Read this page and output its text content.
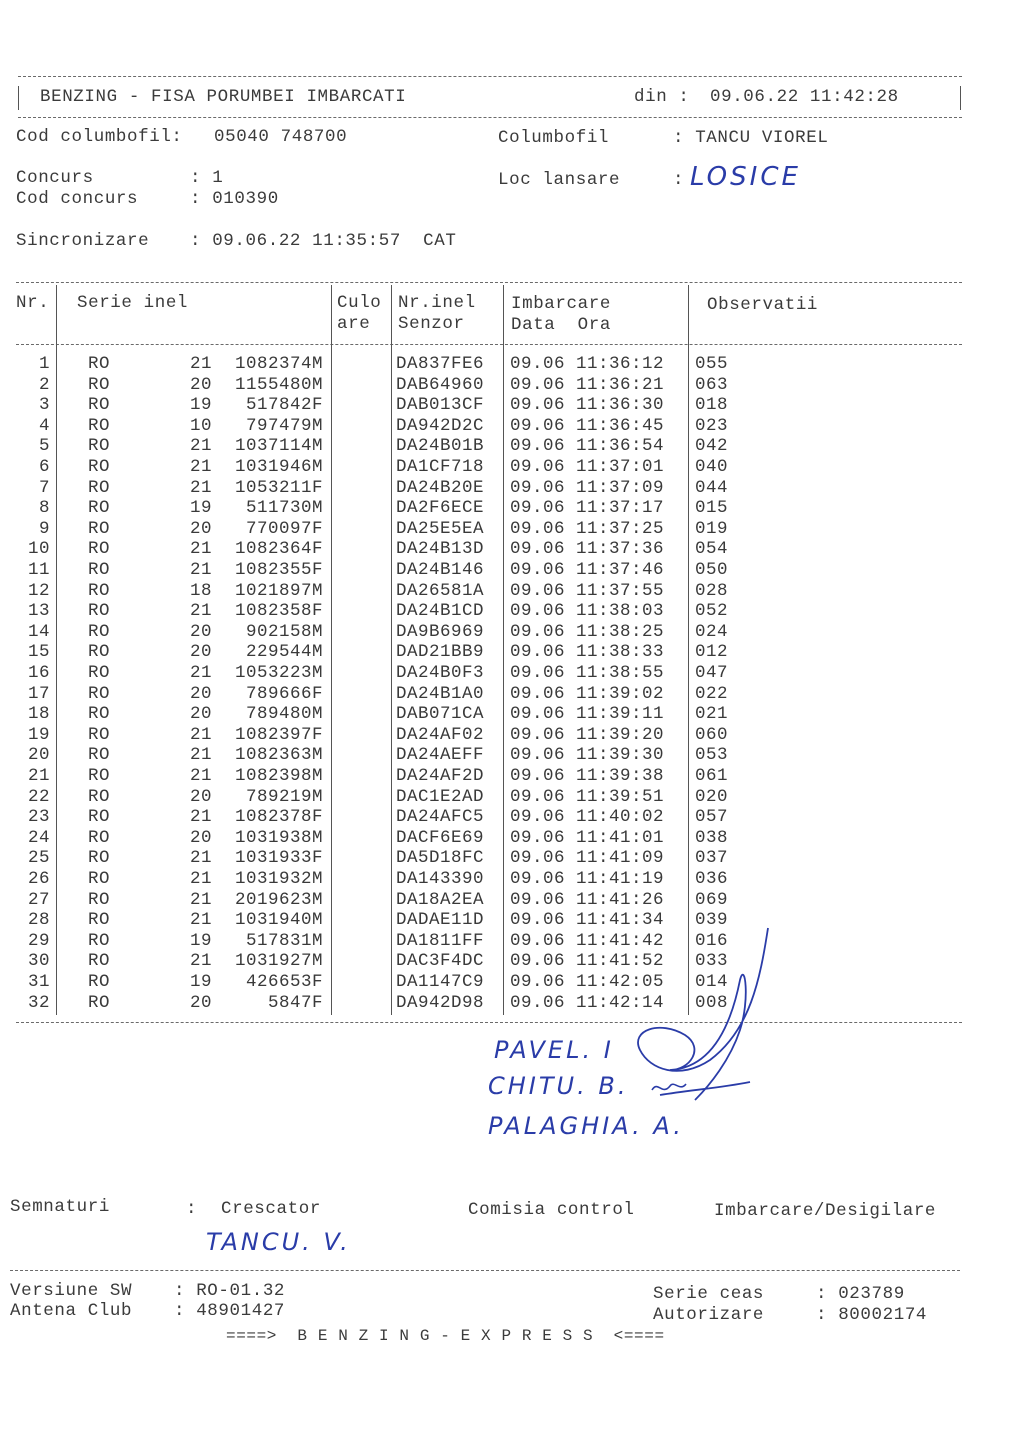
BENZING - FISA PORUMBEI IMBARCATI	din : 09.06.22 11:42:28
Cod columbofil: 05040 748700	Columbofil	: TANCU VIOREL
Concurs	: 1
Cod concurs	: 010390
Loc lansare	: LOSICE
Sincronizare : 09.06.22 11:35:57  CAT
Nr. Serie inel	Culo
are
Nr.inel
Senzor
Imbarcare
Data  Ora
Observatii
1 RO	21	1082374M	DA837FE6 09.06 11:36:12 055
2 RO	20	1155480M	DAB64960 09.06 11:36:21 063
3 RO	19	517842F	DAB013CF 09.06 11:36:30 018
4 RO	10	797479M	DA942D2C 09.06 11:36:45 023
5 RO	21	1037114M	DA24B01B 09.06 11:36:54 042
6 RO	21	1031946M	DA1CF718 09.06 11:37:01 040
7 RO	21	1053211F	DA24B20E 09.06 11:37:09 044
8 RO	19	511730M	DA2F6ECE 09.06 11:37:17 015
9 RO	20	770097F	DA25E5EA 09.06 11:37:25 019
10 RO	21	1082364F	DA24B13D 09.06 11:37:36 054
11 RO	21	1082355F	DA24B146 09.06 11:37:46 050
12 RO	18	1021897M	DA26581A 09.06 11:37:55 028
13 RO	21	1082358F	DA24B1CD 09.06 11:38:03 052
14 RO	20	902158M	DA9B6969 09.06 11:38:25 024
15 RO	20	229544M	DAD21BB9 09.06 11:38:33 012
16 RO	21	1053223M	DA24B0F3 09.06 11:38:55 047
17 RO	20	789666F	DA24B1A0 09.06 11:39:02 022
18 RO	20	789480M	DAB071CA 09.06 11:39:11 021
19 RO	21	1082397F	DA24AF02 09.06 11:39:20 060
20 RO	21	1082363M	DA24AEFF 09.06 11:39:30 053
21 RO	21	1082398M	DA24AF2D 09.06 11:39:38 061
22 RO	20	789219M	DAC1E2AD 09.06 11:39:51 020
23 RO	21	1082378F	DA24AFC5 09.06 11:40:02 057
24 RO	20	1031938M	DACF6E69 09.06 11:41:01 038
25 RO	21	1031933F	DA5D18FC 09.06 11:41:09 037
26 RO	21	1031932M	DA143390 09.06 11:41:19 036
27 RO	21	2019623M	DA18A2EA 09.06 11:41:26 069
28 RO	21	1031940M	DADAE11D 09.06 11:41:34 039
29 RO	19	517831M	DA1811FF 09.06 11:41:42 016
30 RO	21	1031927M	DAC3F4DC 09.06 11:41:52 033
31 RO	19	426653F	DA1147C9 09.06 11:42:05 014
32 RO	20	5847F	DA942D98 09.06 11:42:14 008
PAVEL. I
CHITU. B.
PALAGHIA. A.
Semnaturi	: Crescator	Comisia control	Imbarcare/Desigilare
TANCU. V.
Versiune SW : RO-01.32
Antena Club : 48901427
Serie ceas	: 023789
Autorizare	: 80002174
====>  B E N Z I N G - E X P R E S S  <====
